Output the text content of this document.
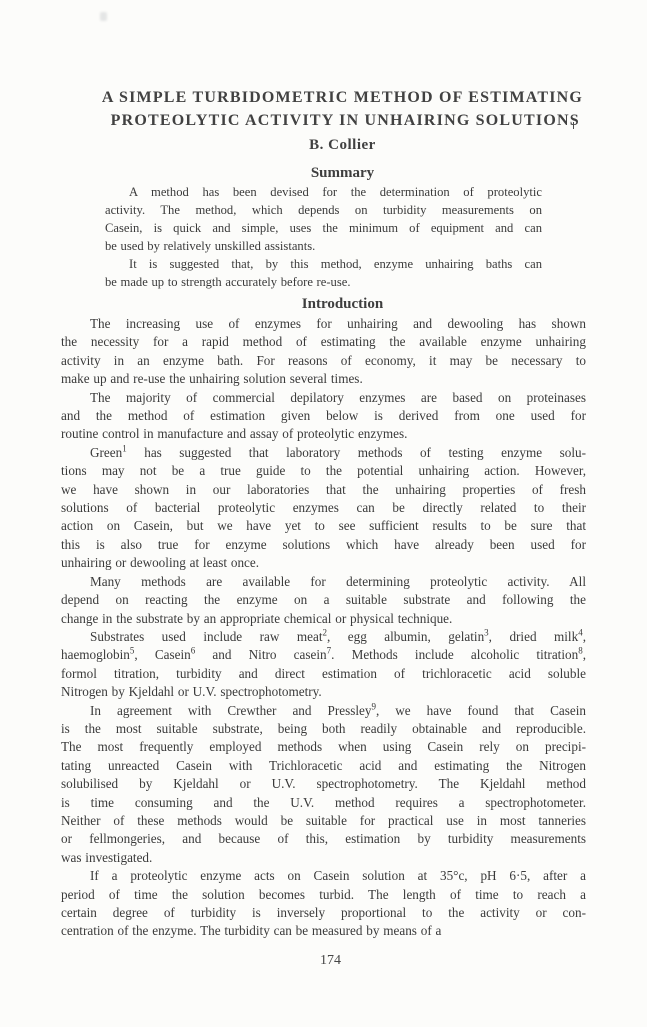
A SIMPLE TURBIDOMETRIC METHOD OF ESTIMATING
PROTEOLYTIC ACTIVITY IN UNHAIRING SOLUTIONS
B. Collier
Summary
A method has been devised for the determination of proteolytic
activity. The method, which depends on turbidity measurements on
Casein, is quick and simple, uses the minimum of equipment and can
be used by relatively unskilled assistants.
It is suggested that, by this method, enzyme unhairing baths can
be made up to strength accurately before re-use.
Introduction
The increasing use of enzymes for unhairing and dewooling has shown
the necessity for a rapid method of estimating the available enzyme unhairing
activity in an enzyme bath. For reasons of economy, it may be necessary to
make up and re-use the unhairing solution several times.
The majority of commercial depilatory enzymes are based on proteinases
and the method of estimation given below is derived from one used for
routine control in manufacture and assay of proteolytic enzymes.
Green$^1$ has suggested that laboratory methods of testing enzyme solu-
tions may not be a true guide to the potential unhairing action. However,
we have shown in our laboratories that the unhairing properties of fresh
solutions of bacterial proteolytic enzymes can be directly related to their
action on Casein, but we have yet to see sufficient results to be sure that
this is also true for enzyme solutions which have already been used for
unhairing or dewooling at least once.
Many methods are available for determining proteolytic activity. All
depend on reacting the enzyme on a suitable substrate and following the
change in the substrate by an appropriate chemical or physical technique.
Substrates used include raw meat$^2$, egg albumin, gelatin$^3$, dried milk$^4$,
haemoglobin$^5$, Casein$^6$ and Nitro casein$^7$. Methods include alcoholic titration$^8$,
formol titration, turbidity and direct estimation of trichloracetic acid soluble
Nitrogen by Kjeldahl or U.V. spectrophotometry.
In agreement with Crewther and Pressley$^9$, we have found that Casein
is the most suitable substrate, being both readily obtainable and reproducible.
The most frequently employed methods when using Casein rely on precipi-
tating unreacted Casein with Trichloracetic acid and estimating the Nitrogen
solubilised by Kjeldahl or U.V. spectrophotometry. The Kjeldahl method
is time consuming and the U.V. method requires a spectrophotometer.
Neither of these methods would be suitable for practical use in most tanneries
or fellmongeries, and because of this, estimation by turbidity measurements
was investigated.
If a proteolytic enzyme acts on Casein solution at 35°c, pH 6·5, after a
period of time the solution becomes turbid. The length of time to reach a
certain degree of turbidity is inversely proportional to the activity or con-
centration of the enzyme. The turbidity can be measured by means of a
174
